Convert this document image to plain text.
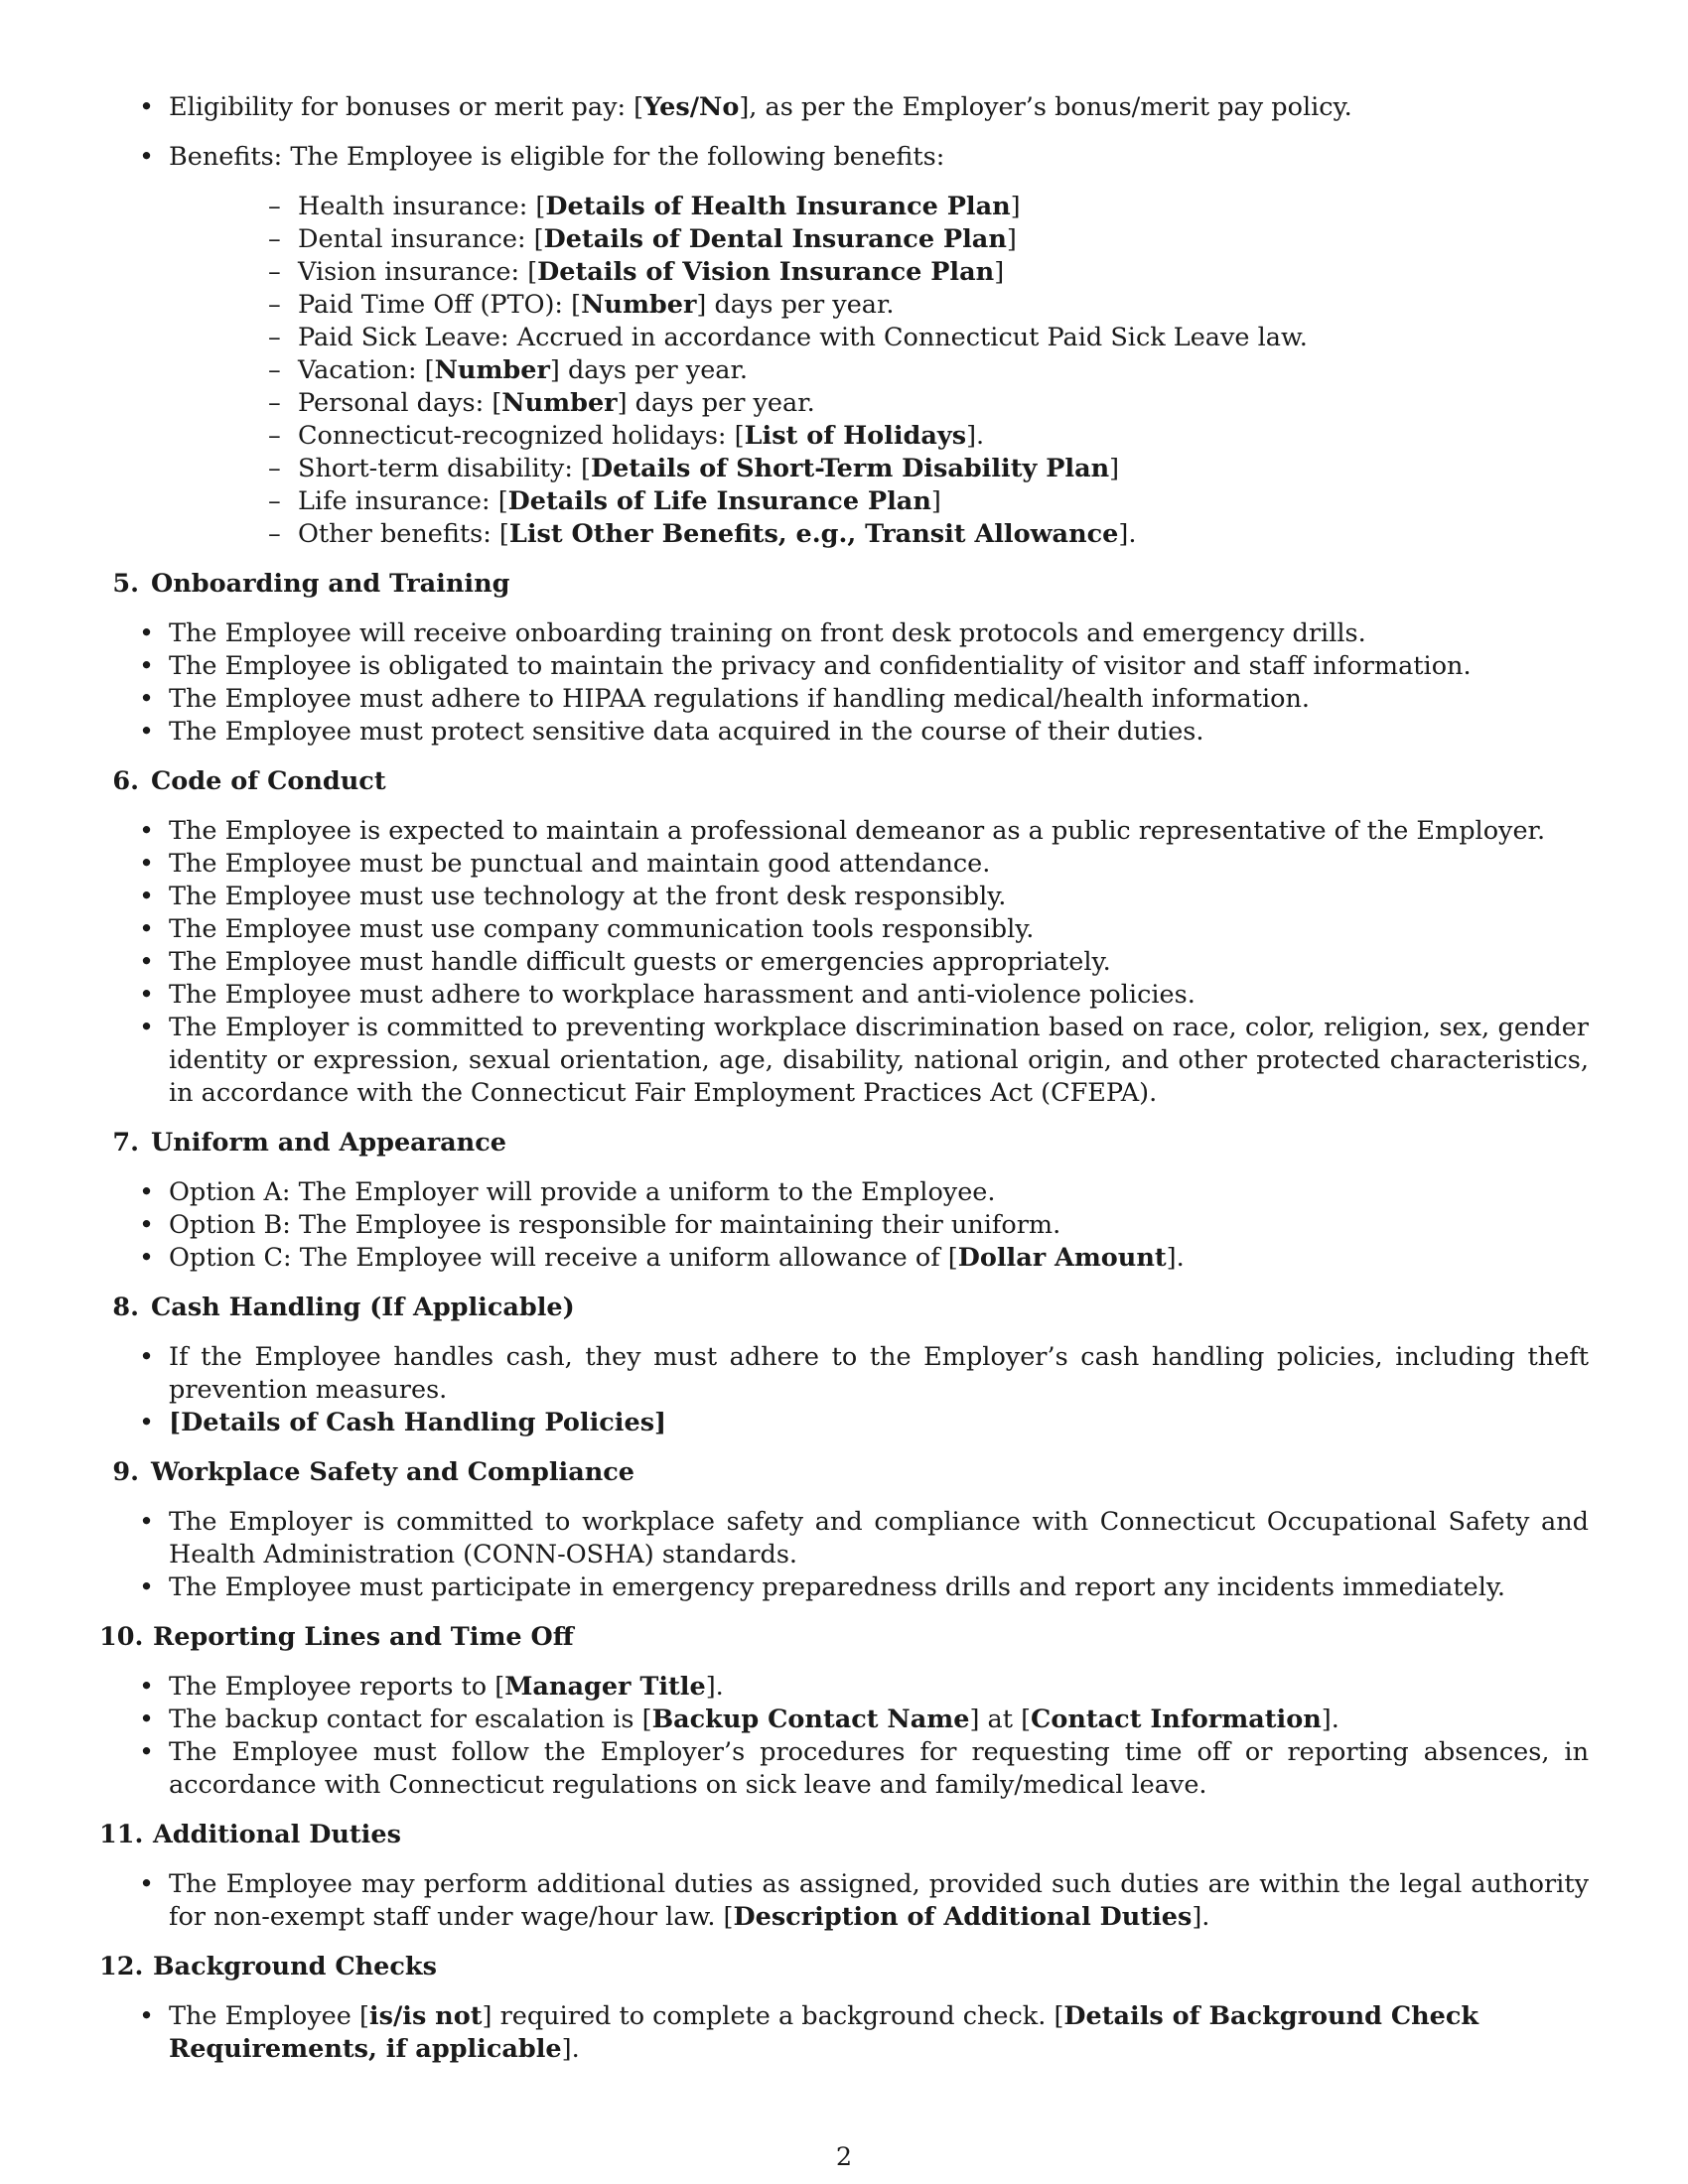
• Eligibility for bonuses or merit pay: [Yes/No], as per the Employer’s bonus/merit pay policy.
• Benefits: The Employee is eligible for the following benefits:
– Health insurance: [Details of Health Insurance Plan]
– Dental insurance: [Details of Dental Insurance Plan]
– Vision insurance: [Details of Vision Insurance Plan]
– Paid Time Off (PTO): [Number] days per year.
– Paid Sick Leave: Accrued in accordance with Connecticut Paid Sick Leave law.
– Vacation: [Number] days per year.
– Personal days: [Number] days per year.
– Connecticut-recognized holidays: [List of Holidays].
– Short-term disability: [Details of Short-Term Disability Plan]
– Life insurance: [Details of Life Insurance Plan]
– Other benefits: [List Other Benefits, e.g., Transit Allowance].
5. Onboarding and Training
• The Employee will receive onboarding training on front desk protocols and emergency drills.
• The Employee is obligated to maintain the privacy and confidentiality of visitor and staff information.
• The Employee must adhere to HIPAA regulations if handling medical/health information.
• The Employee must protect sensitive data acquired in the course of their duties.
6. Code of Conduct
• The Employee is expected to maintain a professional demeanor as a public representative of the Employer.
• The Employee must be punctual and maintain good attendance.
• The Employee must use technology at the front desk responsibly.
• The Employee must use company communication tools responsibly.
• The Employee must handle difficult guests or emergencies appropriately.
• The Employee must adhere to workplace harassment and anti-violence policies.
• The Employer is committed to preventing workplace discrimination based on race, color, religion, sex, gender identity or expression, sexual orientation, age, disability, national origin, and other protected characteristics, in accordance with the Connecticut Fair Employment Practices Act (CFEPA).
7. Uniform and Appearance
• Option A: The Employer will provide a uniform to the Employee.
• Option B: The Employee is responsible for maintaining their uniform.
• Option C: The Employee will receive a uniform allowance of [Dollar Amount].
8. Cash Handling (If Applicable)
• If the Employee handles cash, they must adhere to the Employer’s cash handling policies, including theft prevention measures.
• [Details of Cash Handling Policies]
9. Workplace Safety and Compliance
• The Employer is committed to workplace safety and compliance with Connecticut Occupational Safety and Health Administration (CONN-OSHA) standards.
• The Employee must participate in emergency preparedness drills and report any incidents immediately.
10. Reporting Lines and Time Off
• The Employee reports to [Manager Title].
• The backup contact for escalation is [Backup Contact Name] at [Contact Information].
• The Employee must follow the Employer’s procedures for requesting time off or reporting absences, in accordance with Connecticut regulations on sick leave and family/medical leave.
11. Additional Duties
• The Employee may perform additional duties as assigned, provided such duties are within the legal authority for non-exempt staff under wage/hour law. [Description of Additional Duties].
12. Background Checks
• The Employee [is/is not] required to complete a background check. [Details of Background Check Requirements, if applicable].
2
